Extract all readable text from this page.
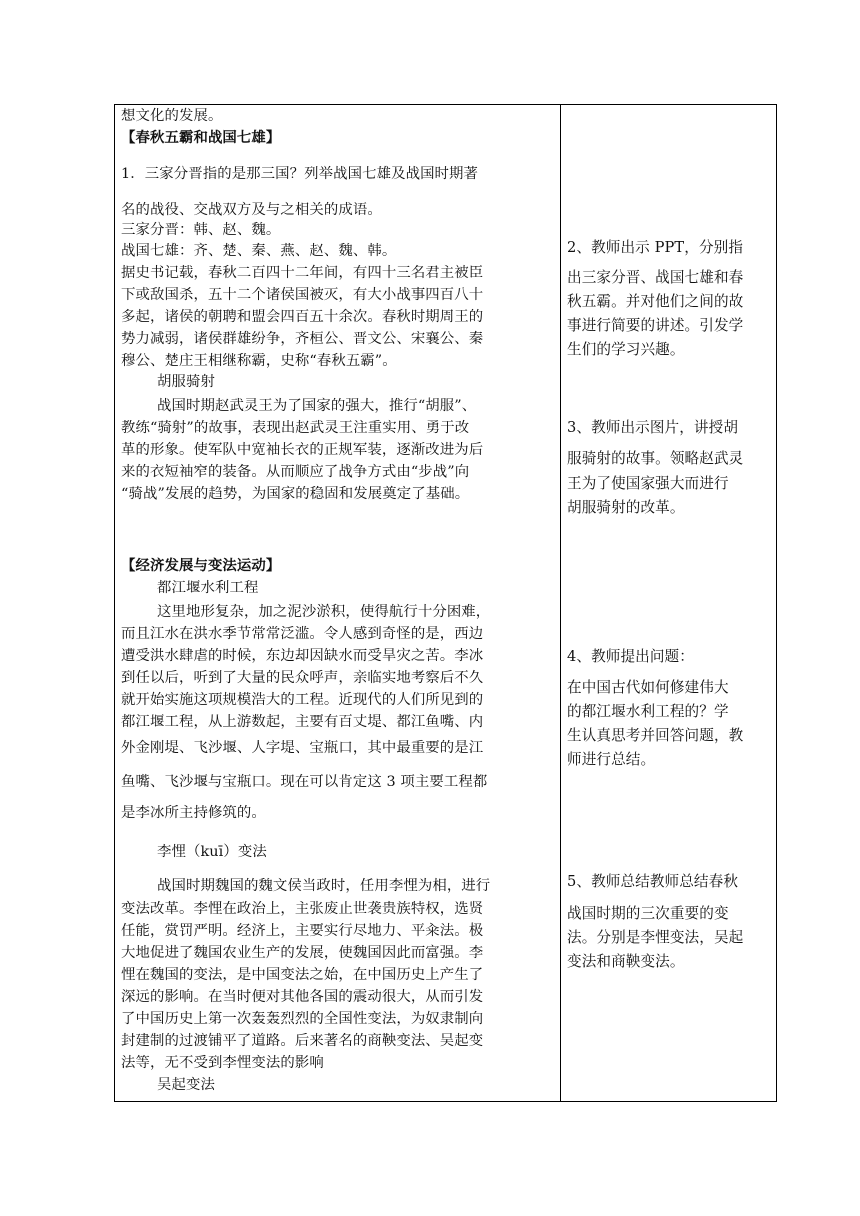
想文化的发展。
【春秋五霸和战国七雄】
1．三家分晋指的是那三国？列举战国七雄及战国时期著
名的战役、交战双方及与之相关的成语。
三家分晋：韩、赵、魏。
战国七雄：齐、楚、秦、燕、赵、魏、韩。
据史书记载，春秋二百四十二年间，有四十三名君主被臣
下或敌国杀，五十二个诸侯国被灭，有大小战事四百八十
多起，诸侯的朝聘和盟会四百五十余次。春秋时期周王的
势力减弱，诸侯群雄纷争，齐桓公、晋文公、宋襄公、秦
穆公、楚庄王相继称霸，史称“春秋五霸”。
胡服骑射
战国时期赵武灵王为了国家的强大，推行“胡服”、
教练“骑射”的故事，表现出赵武灵王注重实用、勇于改
革的形象。使军队中宽袖长衣的正规军装，逐渐改进为后
来的衣短袖窄的装备。从而顺应了战争方式由“步战”向
“骑战”发展的趋势，为国家的稳固和发展奠定了基础。
【经济发展与变法运动】
都江堰水利工程
这里地形复杂，加之泥沙淤积，使得航行十分困难，
而且江水在洪水季节常常泛滥。令人感到奇怪的是，西边
遭受洪水肆虐的时候，东边却因缺水而受旱灾之苦。李冰
到任以后，听到了大量的民众呼声，亲临实地考察后不久
就开始实施这项规模浩大的工程。近现代的人们所见到的
都江堰工程，从上游数起，主要有百丈堤、都江鱼嘴、内
外金刚堤、飞沙堰、人字堤、宝瓶口，其中最重要的是江
鱼嘴、飞沙堰与宝瓶口。现在可以肯定这 3 项主要工程都
是李冰所主持修筑的。
李悝（kuī）变法
战国时期魏国的魏文侯当政时，任用李悝为相，进行
变法改革。李悝在政治上，主张废止世袭贵族特权，选贤
任能，赏罚严明。经济上，主要实行尽地力、平籴法。极
大地促进了魏国农业生产的发展，使魏国因此而富强。李
悝在魏国的变法，是中国变法之始，在中国历史上产生了
深远的影响。在当时便对其他各国的震动很大，从而引发
了中国历史上第一次轰轰烈烈的全国性变法，为奴隶制向
封建制的过渡铺平了道路。后来著名的商鞅变法、吴起变
法等，无不受到李悝变法的影响
吴起变法
2、教师出示 PPT，分别指
出三家分晋、战国七雄和春
秋五霸。并对他们之间的故
事进行简要的讲述。引发学
生们的学习兴趣。
3、教师出示图片，讲授胡
服骑射的故事。领略赵武灵
王为了使国家强大而进行
胡服骑射的改革。
4、教师提出问题：
在中国古代如何修建伟大
的都江堰水利工程的？学
生认真思考并回答问题，教
师进行总结。
5、教师总结教师总结春秋
战国时期的三次重要的变
法。分别是李悝变法，吴起
变法和商鞅变法。
